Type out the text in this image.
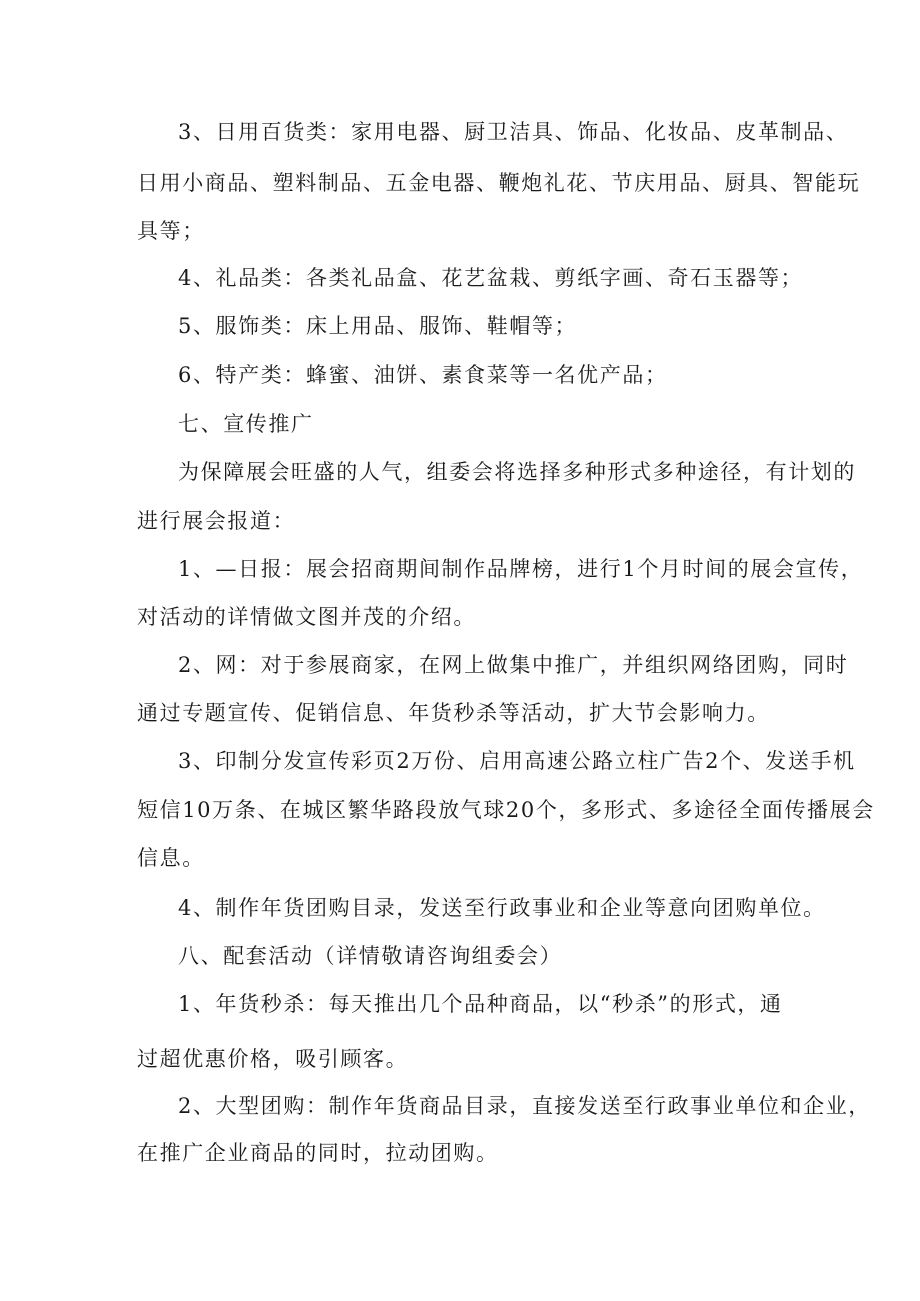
3、日用百货类：家用电器、厨卫洁具、饰品、化妆品、皮革制品、
日用小商品、塑料制品、五金电器、鞭炮礼花、节庆用品、厨具、智能玩
具等；
4、礼品类：各类礼品盒、花艺盆栽、剪纸字画、奇石玉器等；
5、服饰类：床上用品、服饰、鞋帽等；
6、特产类：蜂蜜、油饼、素食菜等一名优产品；
七、宣传推广
为保障展会旺盛的人气，组委会将选择多种形式多种途径，有计划的
进行展会报道：
1、—日报：展会招商期间制作品牌榜，进行1个月时间的展会宣传，
对活动的详情做文图并茂的介绍。
2、网：对于参展商家，在网上做集中推广，并组织网络团购，同时
通过专题宣传、促销信息、年货秒杀等活动，扩大节会影响力。
3、印制分发宣传彩页2万份、启用高速公路立柱广告2个、发送手机
短信10万条、在城区繁华路段放气球20个，多形式、多途径全面传播展会
信息。
4、制作年货团购目录，发送至行政事业和企业等意向团购单位。
八、配套活动（详情敬请咨询组委会）
1、年货秒杀：每天推出几个品种商品，以“秒杀”的形式，通
过超优惠价格，吸引顾客。
2、大型团购：制作年货商品目录，直接发送至行政事业单位和企业，
在推广企业商品的同时，拉动团购。
